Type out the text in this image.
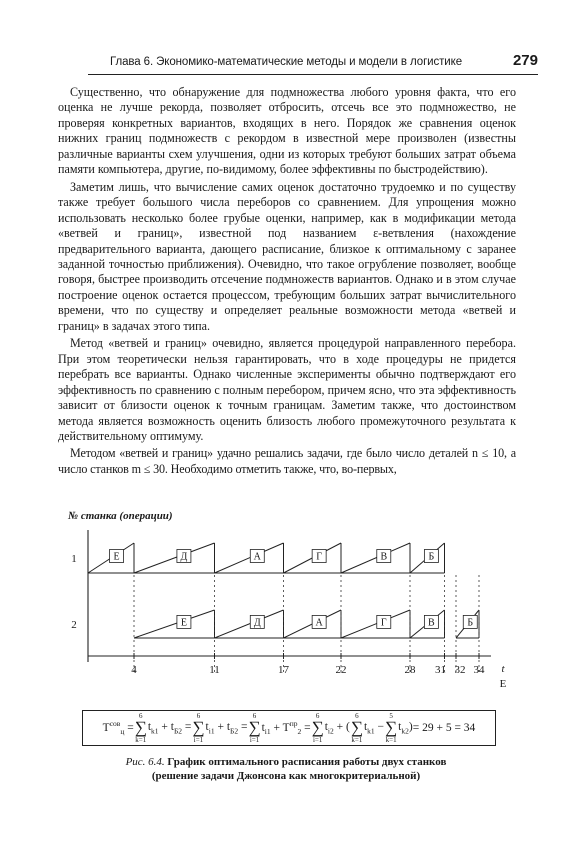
Глава 6. Экономико-математические методы и модели в логистике	279

Существенно, что обнаружение для подмножества любого уровня факта, что его оценка не лучше рекорда, позволяет отбросить, отсечь все это подмножество, не проверяя конкретных вариантов, входящих в него. Порядок же сравнения оценок нижних границ подмножеств с рекордом в известной мере произволен (известны различные варианты схем улучшения, одни из которых требуют больших затрат объема памяти компьютера, другие, по-видимому, более эффективны по быстродействию).

Заметим лишь, что вычисление самих оценок достаточно трудоемко и по существу также требует большого числа переборов со сравнением. Для упрощения можно использовать несколько более грубые оценки, например, как в модификации метода «ветвей и границ», известной под названием ε-ветвления (нахождение предварительного варианта, дающего расписание, близкое к оптимальному с заранее заданной точностью приближения). Очевидно, что такое огрубление позволяет, вообще говоря, быстрее производить отсечение подмножеств вариантов. Однако и в этом случае построение оценок остается процессом, требующим больших затрат вычислительного времени, что по существу и определяет реальные возможности метода «ветвей и границ» в задачах этого типа.

Метод «ветвей и границ» очевидно, является процедурой направленного перебора. При этом теоретически нельзя гарантировать, что в ходе процедуры не придется перебрать все варианты. Однако численные эксперименты обычно подтверждают его эффективность по сравнению с полным перебором, причем ясно, что эта эффективность зависит от близости оценок к точным границам. Заметим также, что достоинством метода является возможность оценить близость любого промежуточного результата к действительному оптимуму.

Методом «ветвей и границ» удачно решались задачи, где было число деталей n ≤ 10, а число станков m ≤ 30. Необходимо отметить также, что, во-первых,

№ станка (операции)
1	Е	Д	А	Г	В	Б
2	Е	Д	А	Г	В	Б
4	11	17	22	28 31 32 34 t
Е
$T^{сов}_ц$ =
6
∑
k=1
$t_{k1} + t_{Б2}$ =
6
∑
i=1
$t_{i1} + t_{Б2}$ =
6
∑
i=1
$t_{i1} + T^{пр}_2$ =
6
∑
i=1
$t_{i2}$ + (
6
∑
k=1
$t_{k1}$ −
5
∑
k=1
$t_{k2}) = 29 + 5 = 34$
Рис. 6.4. График оптимального расписания работы двух станков
(решение задачи Джонсона как многокритериальной)
